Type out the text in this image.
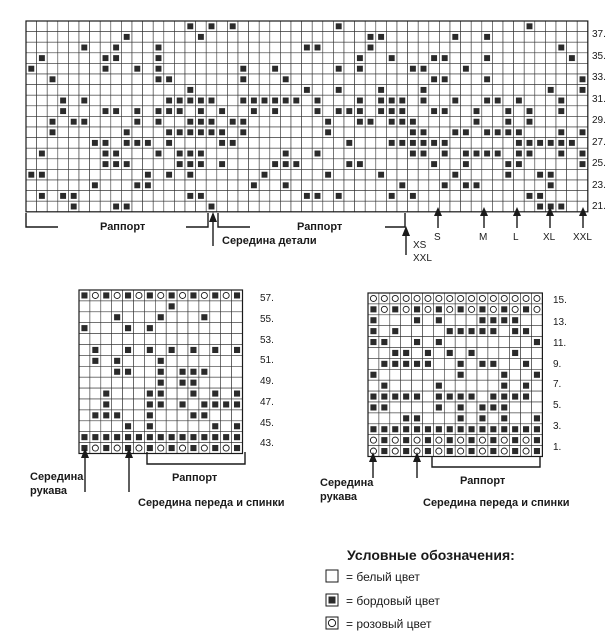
37.
35.
33.
31.
29.
27.
25.
23.
21.
Раппорт	Раппорт
Середина детали	XS
XXL
S	M	L XL XXL
57.
55.
53.
51.
49.
47.
45.
43.
Раппорт
Середина
рукава
Середина переда и спинки
15.
13.
11.
9.
7.
5.
3.
1.
Раппорт
Середина
рукава	Середина переда и спинки
Условные обозначения:
= белый цвет
= бордовый цвет
= розовый цвет
